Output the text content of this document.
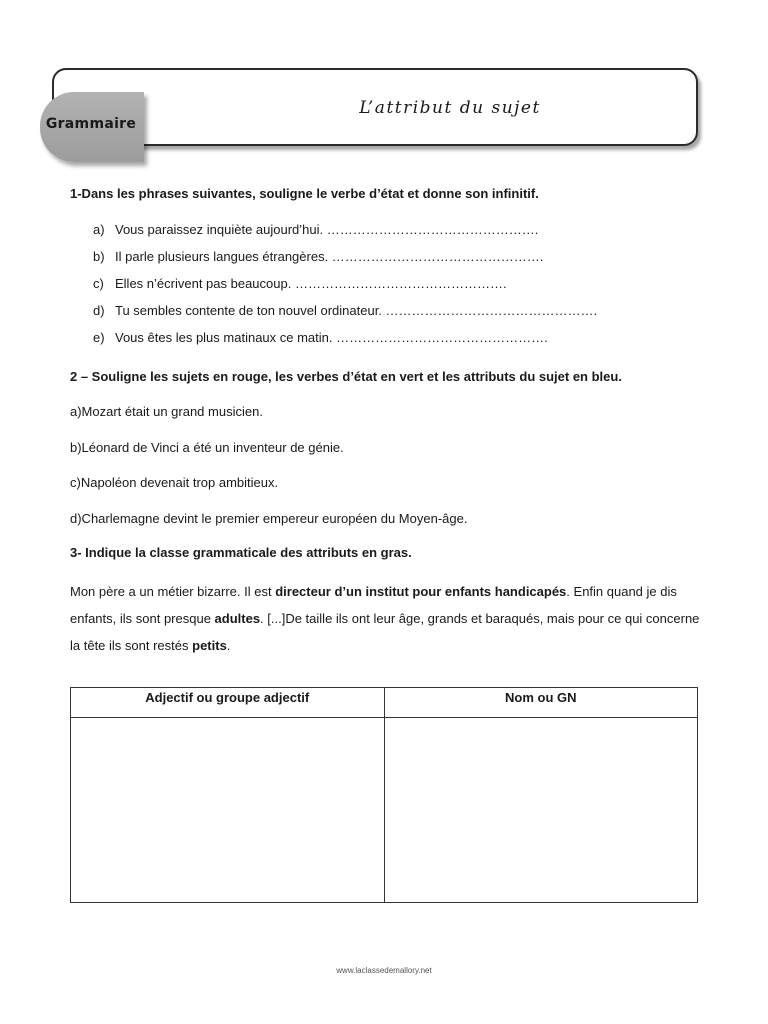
Grammaire
L’attribut du sujet
1-Dans les phrases suivantes, souligne le verbe d’état et donne son infinitif.
a) Vous paraissez inquiète aujourd’hui. ………………………………………….
b) Il parle plusieurs langues étrangères. ………………………………………….
c) Elles n’écrivent pas beaucoup. ………………………………………….
d) Tu sembles contente de ton nouvel ordinateur. ………………………………………….
e) Vous êtes les plus matinaux ce matin. ………………………………………….
2 – Souligne les sujets en rouge, les verbes d’état en vert et les attributs du sujet en bleu.
a)Mozart était un grand musicien.
b)Léonard de Vinci a été un inventeur de génie.
c)Napoléon devenait trop ambitieux.
d)Charlemagne devint le premier empereur européen du Moyen-âge.
3- Indique la classe grammaticale des attributs en gras.
Mon père a un métier bizarre. Il est directeur d’un institut pour enfants handicapés. Enfin quand je dis enfants, ils sont presque adultes. [...]De taille ils ont leur âge, grands et baraqués, mais pour ce qui concerne la tête ils sont restés petits.
Adjectif ou groupe adjectif	Nom ou GN

www.laclassedemallory.net
